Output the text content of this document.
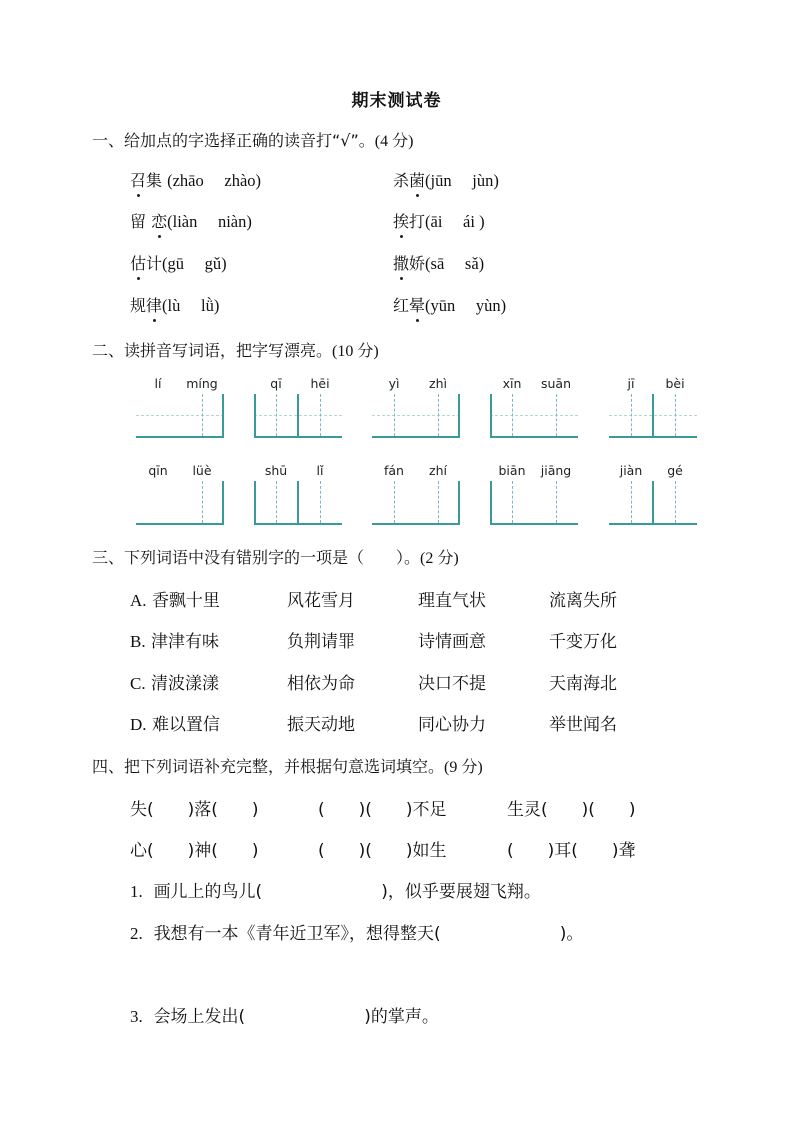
期末测试卷
一、给加点的字选择正确的读音打“√”。(4 分)
召集 (zhāo　 zhào)	杀菌(jūn　 jùn)
留 恋(liàn　 niàn)	挨打(āi　 ái )
估计(gū　 gǔ)	撒娇(sā　 sǎ)
规律(lù　 lǜ)	红晕(yūn　 yùn)
二、读拼音写词语，把字写漂亮。(10 分)
lí	míng	qī	hēi	yì	zhì	xīn	suān	jī	bèi
qīn	lüè	shū	lǐ	fán	zhí	biān	jiāng	jiàn	gé
三、下列词语中没有错别字的一项是（　　）。(2 分)
A. 香飘十里	风花雪月	理直气状	流离失所
B. 津津有味	负荆请罪	诗情画意	千变万化
C. 清波漾漾	相依为命	决口不提	天南海北
D. 难以置信	振天动地	同心协力	举世闻名
四、把下列词语补充完整，并根据句意选词填空。(9 分)
失(　　)落(　　)	(　　)(　　)不足	生灵(　　)(　　)
心(　　)神(　　)	(　　)(　　)如生	(　　)耳(　　)聋
1. 画儿上的鸟儿(　　　　　　　)，似乎要展翅飞翔。
2. 我想有一本《青年近卫军》，想得整天(　　　　　　　)。
3. 会场上发出(　　　　　　　)的掌声。
